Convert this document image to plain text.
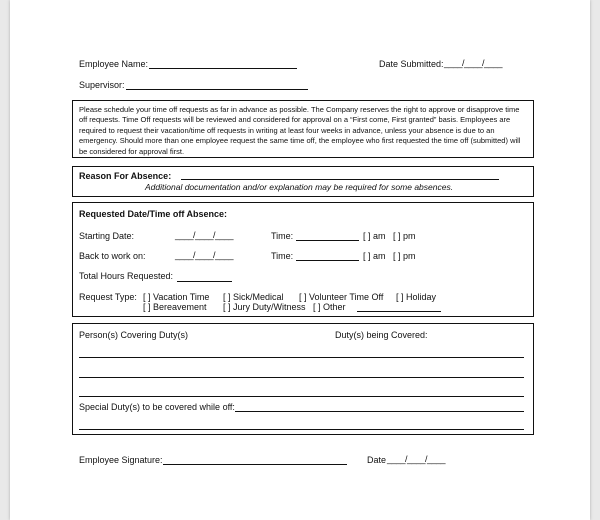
Employee Name:	Date Submitted: ____/____/____
Supervisor:
Please schedule your time off requests as far in advance as possible. The Company reserves the right to approve or disapprove time off requests. Time Off requests will be reviewed and considered for approval on a “First come, First granted” basis. Employees are required to request their vacation/time off requests in writing at least four weeks in advance, unless your absence is due to an emergency. Should more than one employee request the same time off, the employee who first requested the time off (submitted) will be considered for approval first.
Reason For Absence:
Additional documentation and/or explanation may be required for some absences.
Requested Date/Time off Absence:
Starting Date:	____/____/____	Time:	[ ] am [ ] pm
Back to work on:	____/____/____	Time:	[ ] am [ ] pm
Total Hours Requested:
Request Type: [ ] Vacation Time [ ] Sick/Medical [ ] Volunteer Time Off [ ] Holiday
[ ] Bereavement [ ] Jury Duty/Witness [ ] Other
Person(s) Covering Duty(s)	Duty(s) being Covered:
Special Duty(s) to be covered while off:
Employee Signature:	Date ____/____/____
